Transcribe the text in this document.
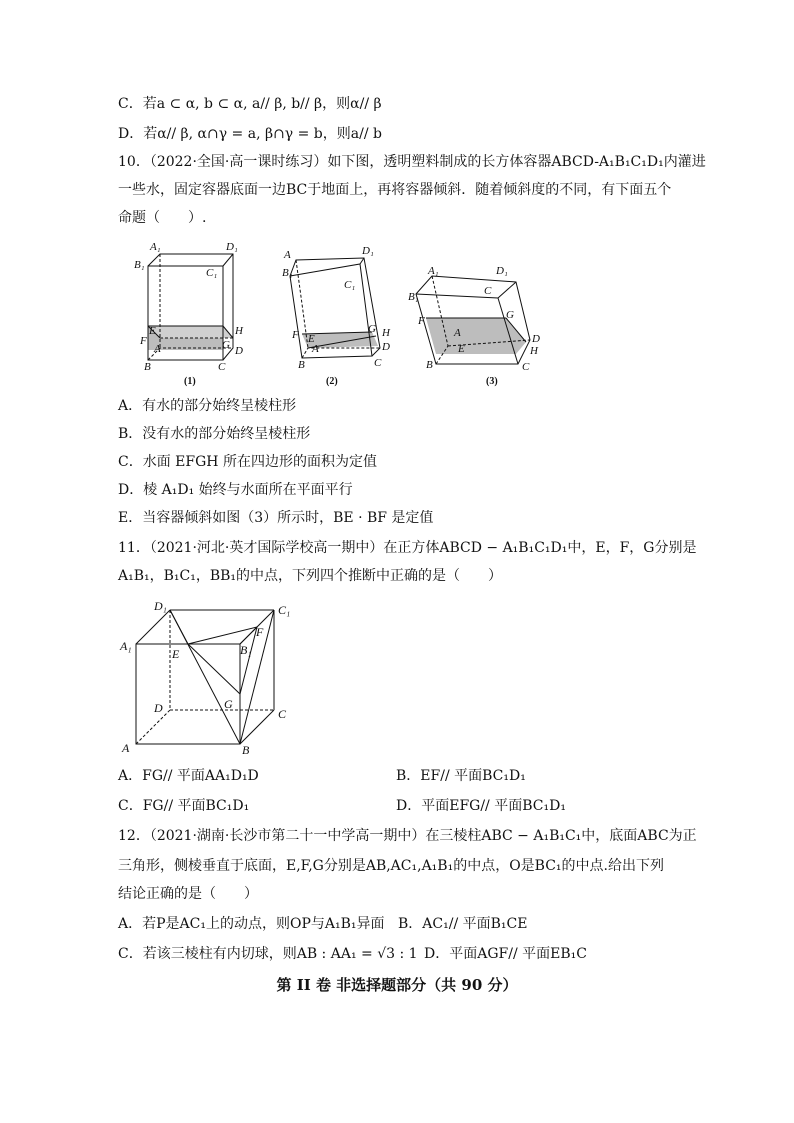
C．若a ⊂ α, b ⊂ α, a// β, b// β，则α// β
D．若α// β, α∩γ = a, β∩γ = b，则a// b
10．（2022·全国·高一课时练习）如下图，透明塑料制成的长方体容器ABCD-A₁B₁C₁D₁内灌进
一些水，固定容器底面一边BC于地面上，再将容器倾斜．随着倾斜度的不同，有下面五个
命题（　　）.
A₁	D₁
B₁
C₁
E	H
F	G
A	D
B	C
A	D₁
B₁
C₁
F	G H
E
A	D
B	C
A₁	D₁
B₁	C
F	G
A
E
D
H
B	C
(1)	(2)	(3)
A．有水的部分始终呈棱柱形
B．没有水的部分始终呈棱柱形
C．水面 EFGH 所在四边形的面积为定值
D．棱 A₁D₁ 始终与水面所在平面平行
E．当容器倾斜如图（3）所示时，BE · BF 是定值
11．（2021·河北·英才国际学校高一期中）在正方体ABCD − A₁B₁C₁D₁中，E，F，G分别是
A₁B₁，B₁C₁，BB₁的中点，下列四个推断中正确的是（　　）
D₁	C₁
A₁	B₁
E
F
G
D	C
A	B
A．FG// 平面AA₁D₁D	B．EF// 平面BC₁D₁
C．FG// 平面BC₁D₁	D．平面EFG// 平面BC₁D₁
12．（2021·湖南·长沙市第二十一中学高一期中）在三棱柱ABC − A₁B₁C₁中，底面ABC为正
三角形，侧棱垂直于底面，E,F,G分别是AB,AC₁,A₁B₁的中点，O是BC₁的中点.给出下列
结论正确的是（　　）
A．若P是AC₁上的动点，则OP与A₁B₁异面 B．AC₁// 平面B₁CE
C．若该三棱柱有内切球，则AB : AA₁ = √3 : 1 D．平面AGF// 平面EB₁C
第 II 卷 非选择题部分（共 90 分）
